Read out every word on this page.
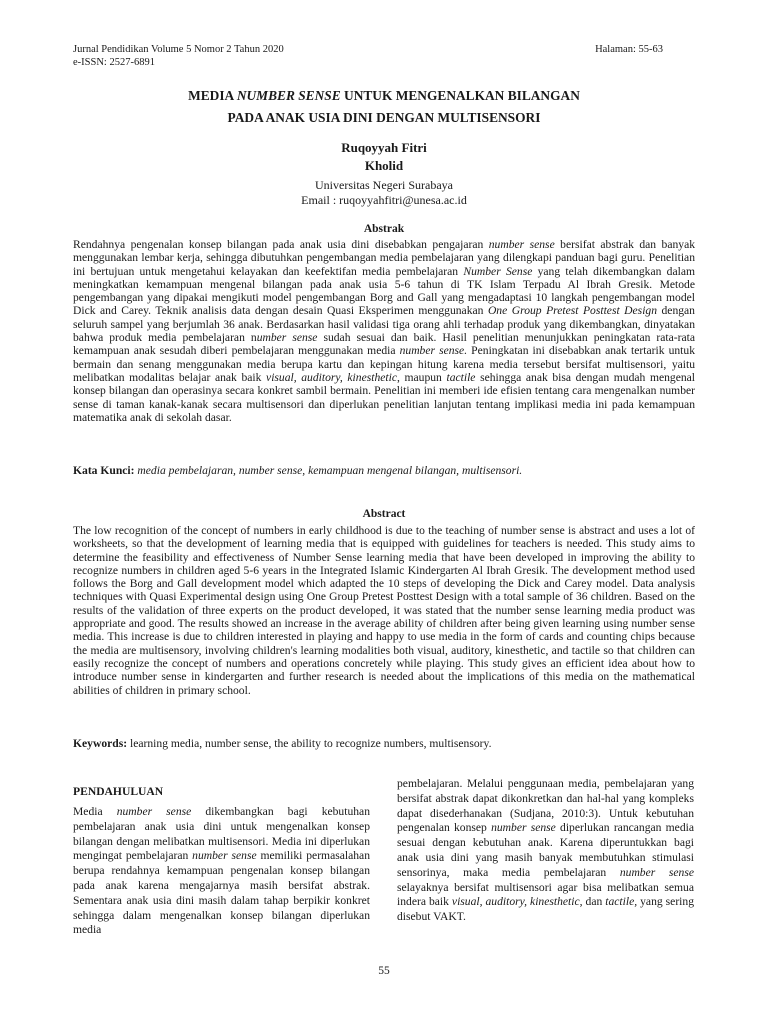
Jurnal Pendidikan Volume 5 Nomor 2 Tahun 2020
e-ISSN: 2527-6891
Halaman: 55-63
MEDIA NUMBER SENSE UNTUK MENGENALKAN BILANGAN
PADA ANAK USIA DINI DENGAN MULTISENSORI
Ruqoyyah Fitri
Kholid
Universitas Negeri Surabaya
Email : ruqoyyahfitri@unesa.ac.id
Abstrak

Rendahnya pengenalan konsep bilangan pada anak usia dini disebabkan pengajaran number sense bersifat abstrak dan banyak menggunakan lembar kerja, sehingga dibutuhkan pengembangan media pembelajaran yang dilengkapi panduan bagi guru. Penelitian ini bertujuan untuk mengetahui kelayakan dan keefektifan media pembelajaran Number Sense yang telah dikembangkan dalam meningkatkan kemampuan mengenal bilangan pada anak usia 5-6 tahun di TK Islam Terpadu Al Ibrah Gresik. Metode pengembangan yang dipakai mengikuti model pengembangan Borg and Gall yang mengadaptasi 10 langkah pengembangan model Dick and Carey. Teknik analisis data dengan desain Quasi Eksperimen menggunakan One Group Pretest Posttest Design dengan seluruh sampel yang berjumlah 36 anak. Berdasarkan hasil validasi tiga orang ahli terhadap produk yang dikembangkan, dinyatakan bahwa produk media pembelajaran number sense sudah sesuai dan baik. Hasil penelitian menunjukkan peningkatan rata-rata kemampuan anak sesudah diberi pembelajaran menggunakan media number sense. Peningkatan ini disebabkan anak tertarik untuk bermain dan senang menggunakan media berupa kartu dan kepingan hitung karena media tersebut bersifat multisensori, yaitu melibatkan modalitas belajar anak baik visual, auditory, kinesthetic, maupun tactile sehingga anak bisa dengan mudah mengenal konsep bilangan dan operasinya secara konkret sambil bermain. Penelitian ini memberi ide efisien tentang cara mengenalkan number sense di taman kanak-kanak secara multisensori dan diperlukan penelitian lanjutan tentang implikasi media ini pada kemampuan matematika anak di sekolah dasar.

Kata Kunci: media pembelajaran, number sense, kemampuan mengenal bilangan, multisensori.

Abstract

The low recognition of the concept of numbers in early childhood is due to the teaching of number sense is abstract and uses a lot of worksheets, so that the development of learning media that is equipped with guidelines for teachers is needed. This study aims to determine the feasibility and effectiveness of Number Sense learning media that have been developed in improving the ability to recognize numbers in children aged 5-6 years in the Integrated Islamic Kindergarten Al Ibrah Gresik. The development method used follows the Borg and Gall development model which adapted the 10 steps of developing the Dick and Carey model. Data analysis techniques with Quasi Experimental design using One Group Pretest Posttest Design with a total sample of 36 children. Based on the results of the validation of three experts on the product developed, it was stated that the number sense learning media product was appropriate and good. The results showed an increase in the average ability of children after being given learning using number sense media. This increase is due to children interested in playing and happy to use media in the form of cards and counting chips because the media are multisensory, involving children's learning modalities both visual, auditory, kinesthetic, and tactile so that children can easily recognize the concept of numbers and operations concretely while playing. This study gives an efficient idea about how to introduce number sense in kindergarten and further research is needed about the implications of this media on the mathematical abilities of children in primary school.

Keywords: learning media, number sense, the ability to recognize numbers, multisensory.

PENDAHULUAN

Media number sense dikembangkan bagi kebutuhan pembelajaran anak usia dini untuk mengenalkan konsep bilangan dengan melibatkan multisensori. Media ini diperlukan mengingat pembelajaran number sense memiliki permasalahan berupa rendahnya kemampuan pengenalan konsep bilangan pada anak karena mengajarnya masih bersifat abstrak. Sementara anak usia dini masih dalam tahap berpikir konkret sehingga dalam mengenalkan konsep bilangan diperlukan media

pembelajaran. Melalui penggunaan media, pembelajaran yang bersifat abstrak dapat dikonkretkan dan hal-hal yang kompleks dapat disederhanakan (Sudjana, 2010:3). Untuk kebutuhan pengenalan konsep number sense diperlukan rancangan media sesuai dengan kebutuhan anak. Karena diperuntukkan bagi anak usia dini yang masih banyak membutuhkan stimulasi sensorinya, maka media pembelajaran number sense selayaknya bersifat multisensori agar bisa melibatkan semua indera baik visual, auditory, kinesthetic, dan tactile, yang sering disebut VAKT.

55
